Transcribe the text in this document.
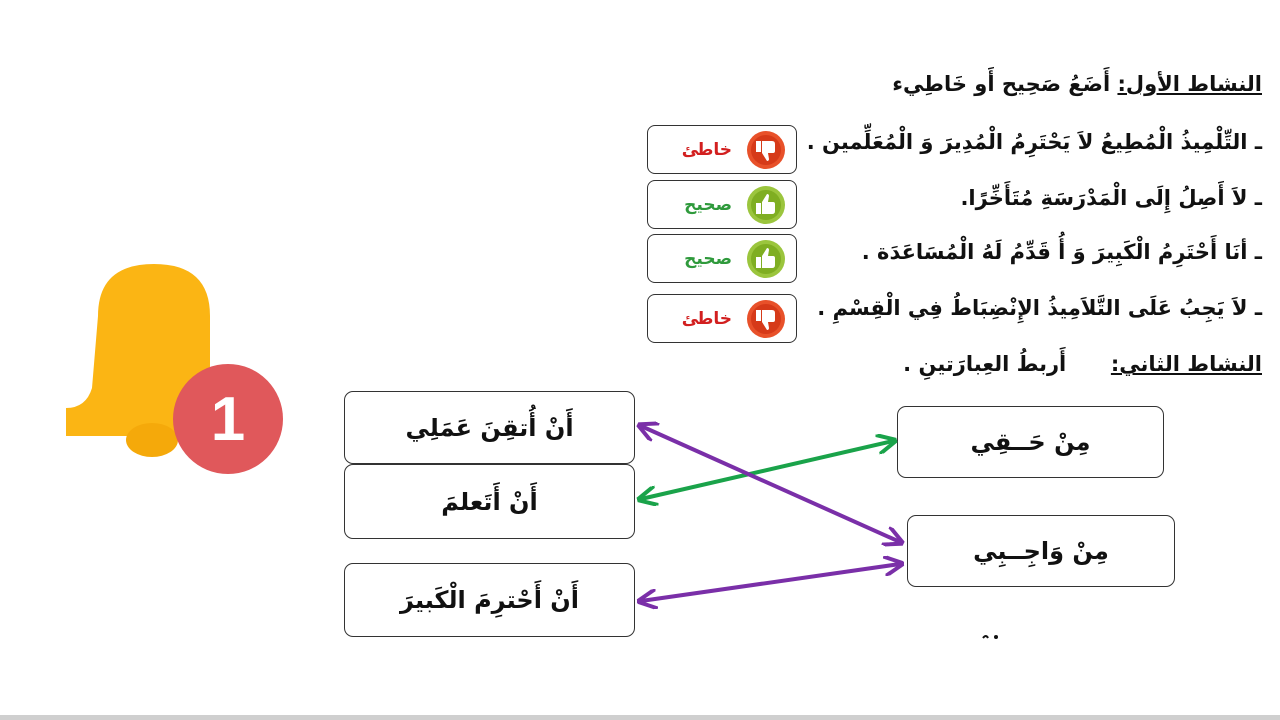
النشاط الأول: أَضَعُ صَحِيح أَو خَاطِيء
ـ التِّلْمِيذُ الْمُطِيعُ لاَ يَحْتَرِمُ الْمُدِيرَ وَ الْمُعَلِّمين .
ـ لاَ أَصِلُ إِلَى الْمَدْرَسَةِ مُتَأَخِّرًا.
ـ أنَا أَحْتَرِمُ الْكَبِيرَ وَ أُ قَدِّمُ لَهُ الْمُسَاعَدَة .
ـ لاَ يَجِبُ عَلَى التَّلاَمِيذُ الإِنْضِبَاطُ فِي الْقِسْمِ .
خاطئ
صحيح
صحيح
خاطئ
النشاط الثاني:  أَربطُ العِبارَتينِ .
أَنْ أُتقِنَ عَمَلِي
أَنْ أَتَعلمَ
أَنْ أَحْترِمَ الْكَبيرَ
مِنْ حَــقِي
مِنْ وَاجِــبِي
1
